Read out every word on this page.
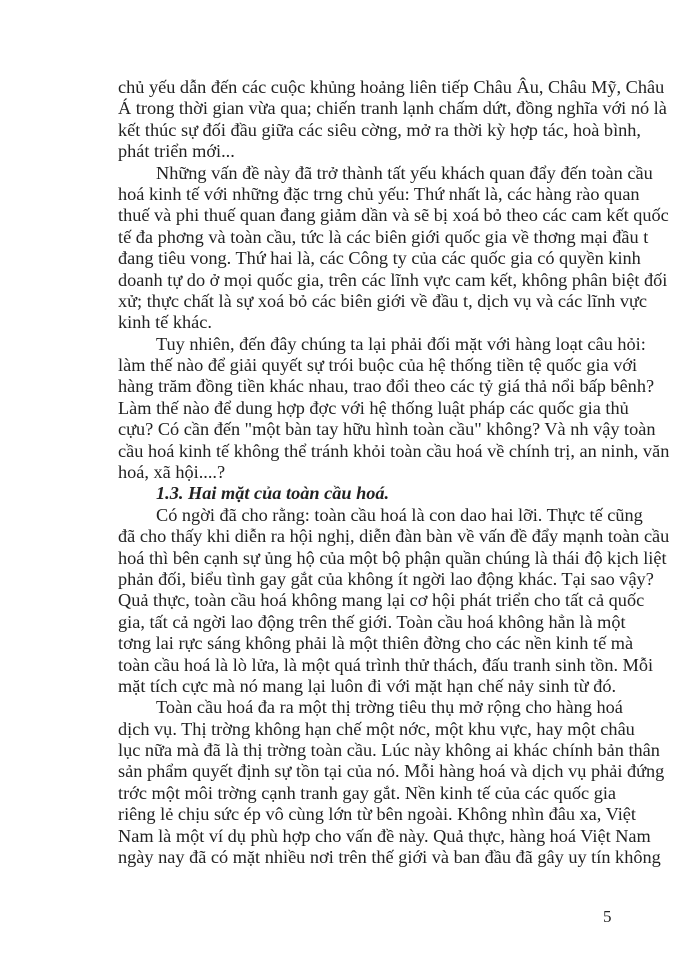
chủ yếu dẫn đến các cuộc khủng hoảng liên tiếp Châu Âu, Châu Mỹ, Châu
Á trong thời gian vừa qua; chiến tranh lạnh chấm dứt, đồng nghĩa với nó là
kết thúc sự đối đầu giữa các siêu cờng, mở ra thời kỳ hợp tác, hoà bình,
phát triển mới...
Những vấn đề này đã trở thành tất yếu khách quan đẩy đến toàn cầu
hoá kinh tế với những đặc trng chủ yếu: Thứ nhất là, các hàng rào quan
thuế và phi thuế quan đang giảm dần và sẽ bị xoá bỏ theo các cam kết quốc
tế đa phơng và toàn cầu, tức là các biên giới quốc gia về thơng mại đầu t
đang tiêu vong. Thứ hai là, các Công ty của các quốc gia có quyền kinh
doanh tự do ở mọi quốc gia, trên các lĩnh vực cam kết, không phân biệt đối
xử; thực chất là sự xoá bỏ các biên giới về đầu t, dịch vụ và các lĩnh vực
kinh tế khác.
Tuy nhiên, đến đây chúng ta lại phải đối mặt với hàng loạt câu hỏi:
làm thế nào để giải quyết sự trói buộc của hệ thống tiền tệ quốc gia với
hàng trăm đồng tiền khác nhau, trao đổi theo các tỷ giá thả nổi bấp bênh?
Làm thế nào để dung hợp đợc với hệ thống luật pháp các quốc gia thủ
cựu? Có cần đến "một bàn tay hữu hình toàn cầu" không? Và nh vậy toàn
cầu hoá kinh tế không thể tránh khỏi toàn cầu hoá về chính trị, an ninh, văn
hoá, xã hội....?
1.3. Hai mặt của toàn cầu hoá.
Có ngời đã cho rằng: toàn cầu hoá là con dao hai lỡi. Thực tế cũng
đã cho thấy khi diễn ra hội nghị, diễn đàn bàn về vấn đề đẩy mạnh toàn cầu
hoá thì bên cạnh sự ủng hộ của một bộ phận quần chúng là thái độ kịch liệt
phản đối, biểu tình gay gắt của không ít ngời lao động khác. Tại sao vậy?
Quả thực, toàn cầu hoá không mang lại cơ hội phát triển cho tất cả quốc
gia, tất cả ngời lao động trên thế giới. Toàn cầu hoá không hẳn là một
tơng lai rực sáng không phải là một thiên đờng cho các nền kinh tế mà
toàn cầu hoá là lò lửa, là một quá trình thử thách, đấu tranh sinh tồn. Mỗi
mặt tích cực mà nó mang lại luôn đi với mặt hạn chế nảy sinh từ đó.
Toàn cầu hoá đa ra một thị trờng tiêu thụ mở rộng cho hàng hoá
dịch vụ. Thị trờng không hạn chế một nớc, một khu vực, hay một châu
lục nữa mà đã là thị trờng toàn cầu. Lúc này không ai khác chính bản thân
sản phẩm quyết định sự tồn tại của nó. Mỗi hàng hoá và dịch vụ phải đứng
trớc một môi trờng cạnh tranh gay gắt. Nền kinh tế của các quốc gia
riêng lẻ chịu sức ép vô cùng lớn từ bên ngoài. Không nhìn đâu xa, Việt
Nam là một ví dụ phù hợp cho vấn đề này. Quả thực, hàng hoá Việt Nam
ngày nay đã có mặt nhiều nơi trên thế giới và ban đầu đã gây uy tín không
5
